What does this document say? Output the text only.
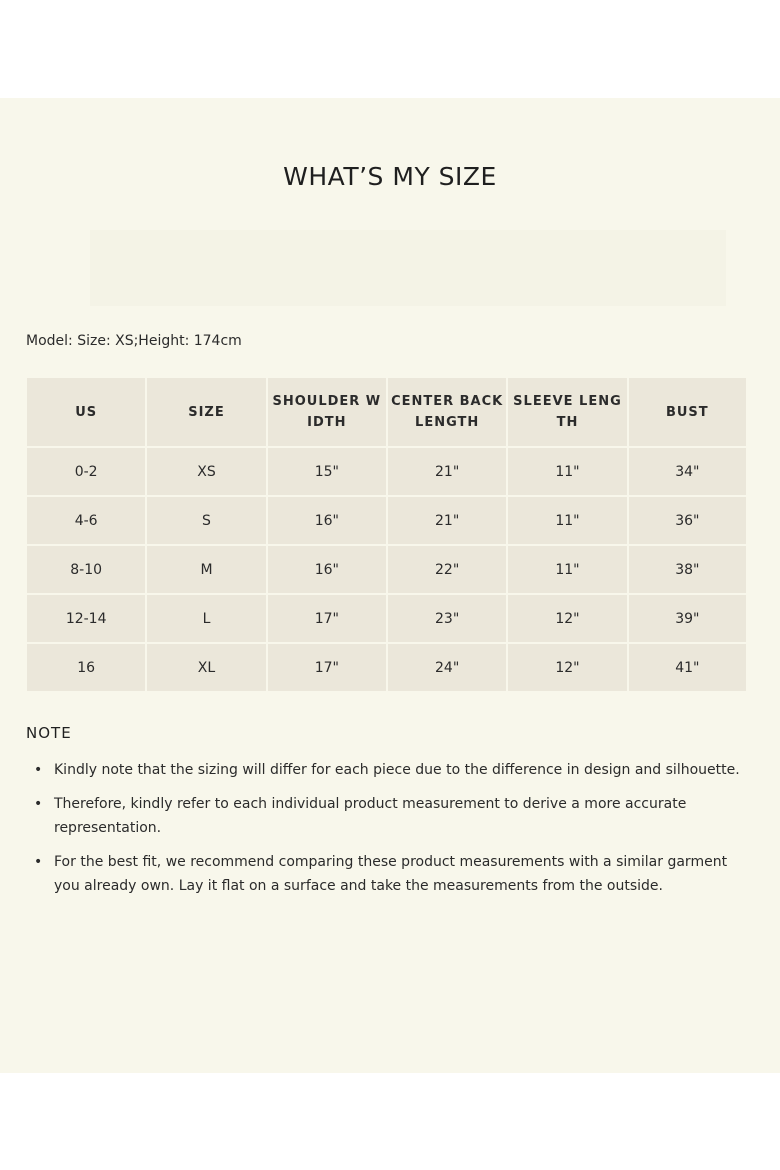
WHAT’S MY SIZE
Model: Size: XS;Height: 174cm
US	SIZE	SHOULDER WIDTH	CENTER BACK LENGTH	SLEEVE LENGTH	BUST
0-2	XS	15"	21"	11"	34"
4-6	S	16"	21"	11"	36"
8-10	M	16"	22"	11"	38"
12-14	L	17"	23"	12"	39"
16	XL	17"	24"	12"	41"
NOTE
• Kindly note that the sizing will differ for each piece due to the difference in design and silhouette.
• Therefore, kindly refer to each individual product measurement to derive a more accurate representation.
• For the best fit, we recommend comparing these product measurements with a similar garment you already own. Lay it flat on a surface and take the measurements from the outside.
